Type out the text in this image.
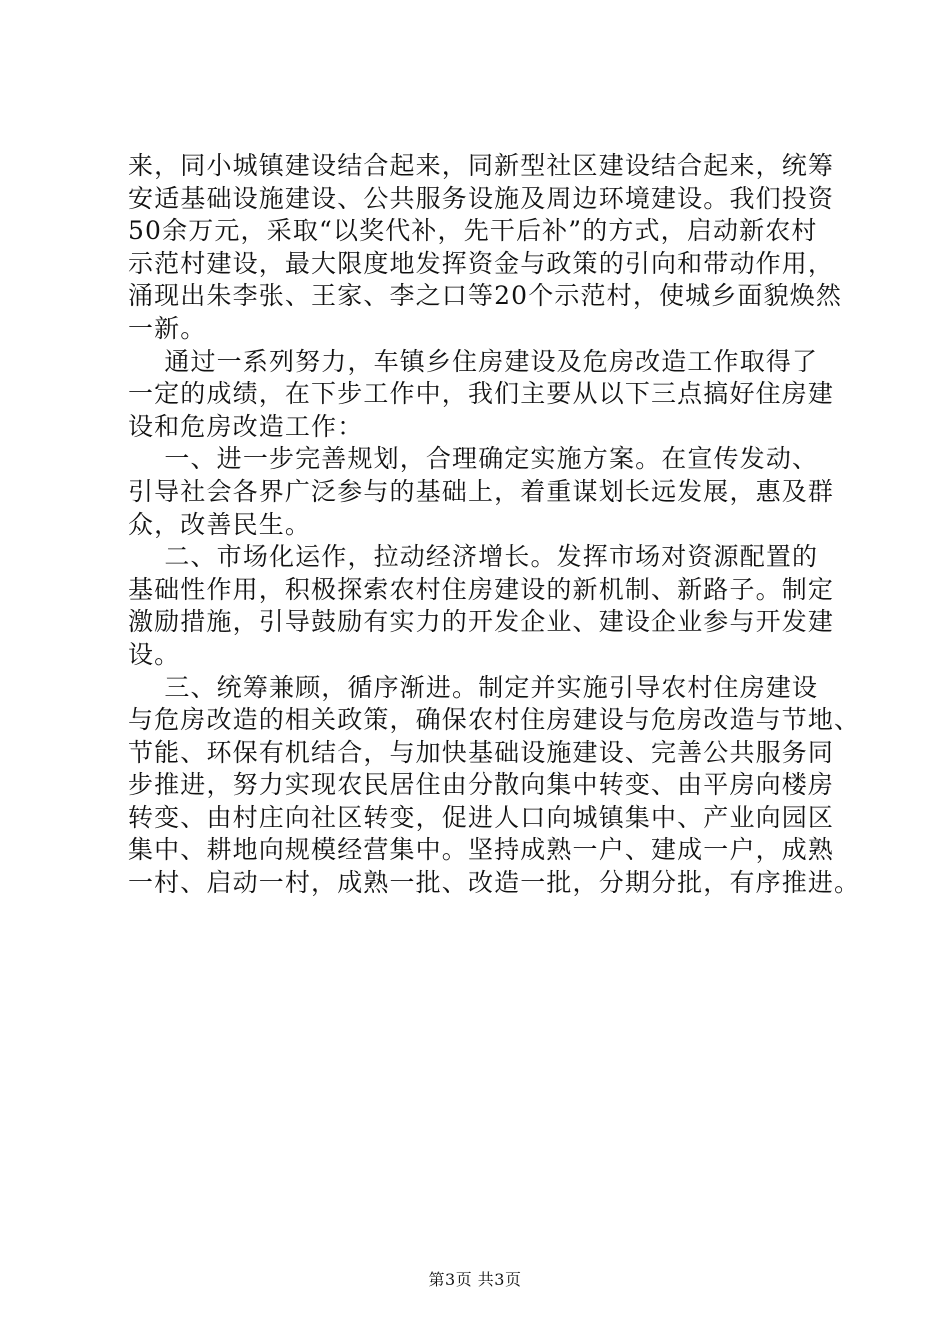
来，同小城镇建设结合起来，同新型社区建设结合起来，统筹
安适基础设施建设、公共服务设施及周边环境建设。我们投资
50余万元，采取“以奖代补，先干后补”的方式，启动新农村
示范村建设，最大限度地发挥资金与政策的引向和带动作用，
涌现出朱李张、王家、李之口等20个示范村，使城乡面貌焕然
一新。
通过一系列努力，车镇乡住房建设及危房改造工作取得了
一定的成绩，在下步工作中，我们主要从以下三点搞好住房建
设和危房改造工作：
一、进一步完善规划，合理确定实施方案。在宣传发动、
引导社会各界广泛参与的基础上，着重谋划长远发展，惠及群
众，改善民生。
二、市场化运作，拉动经济增长。发挥市场对资源配置的
基础性作用，积极探索农村住房建设的新机制、新路子。制定
激励措施，引导鼓励有实力的开发企业、建设企业参与开发建
设。
三、统筹兼顾，循序渐进。制定并实施引导农村住房建设
与危房改造的相关政策，确保农村住房建设与危房改造与节地、
节能、环保有机结合，与加快基础设施建设、完善公共服务同
步推进，努力实现农民居住由分散向集中转变、由平房向楼房
转变、由村庄向社区转变，促进人口向城镇集中、产业向园区
集中、耕地向规模经营集中。坚持成熟一户、建成一户，成熟
一村、启动一村，成熟一批、改造一批，分期分批，有序推进。
第3页 共3页
